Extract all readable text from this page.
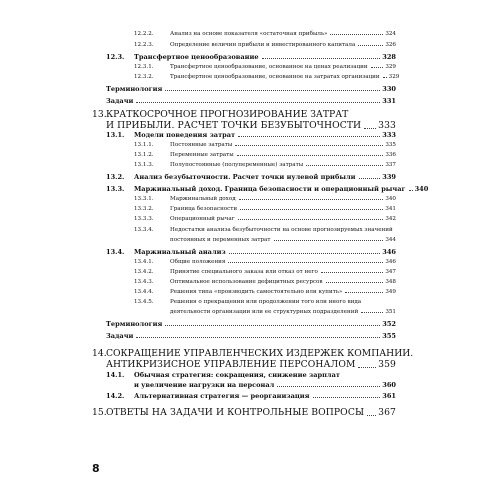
12.2.2.	Анализ на основе показателя «остаточная прибыль»	324
12.2.3.	Определение величин прибыли и инвестированного капитала	326
12.3.	Трансфертное ценообразование	328
12.3.1.	Трансфертное ценообразование, основанное на ценах реализации	329
12.3.2.	Трансфертное ценообразование, основанное на затратах организации 329
Терминология	330
Задачи	331
13. КРАТКОСРОЧНОЕ ПРОГНОЗИРОВАНИЕ ЗАТРАТ
И ПРИБЫЛИ. РАСЧЕТ ТОЧКИ БЕЗУБЫТОЧНОСТИ 333
13.1.	Модели поведения затрат	333
13.1.1.	Постоянные затраты	335
13.1.2.	Переменные затраты	336
13.1.3.	Полупостоянные (полупеременные) затраты	337
13.2.	Анализ безубыточности. Расчет точки нулевой прибыли	339
13.3.	Маржинальный доход. Граница безопасности и операционный рычаг 340
13.3.1.	Маржинальный доход	340
13.3.2.	Граница безопасности	341
13.3.3.	Операционный рычаг	342
13.3.4.	Недостатки анализа безубыточности на основе прогнозируемых значений
постоянных и переменных затрат	344
13.4.	Маржинальный анализ	346
13.4.1.	Общие положения	346
13.4.2.	Принятие специального заказа или отказ от него	347
13.4.3.	Оптимальное использование дефицитных ресурсов	348
13.4.4.	Решения типа «производить самостоятельно или купить»	349
13.4.5.	Решения о прекращении или продолжении того или иного вида
деятельности организации или ее структурных подразделений	351
Терминология	352
Задачи	355
14. СОКРАЩЕНИЕ УПРАВЛЕНЧЕСКИХ ИЗДЕРЖЕК КОМПАНИИ.
АНТИКРИЗИСНОЕ УПРАВЛЕНИЕ ПЕРСОНАЛОМ 359
14.1. Обычная стратегия: сокращения, снижение зарплат
и увеличение нагрузки на персонал	360
14.2.	Альтернативная стратегия — реорганизация	361
15. ОТВЕТЫ НА ЗАДАЧИ И КОНТРОЛЬНЫЕ ВОПРОСЫ 367
8
